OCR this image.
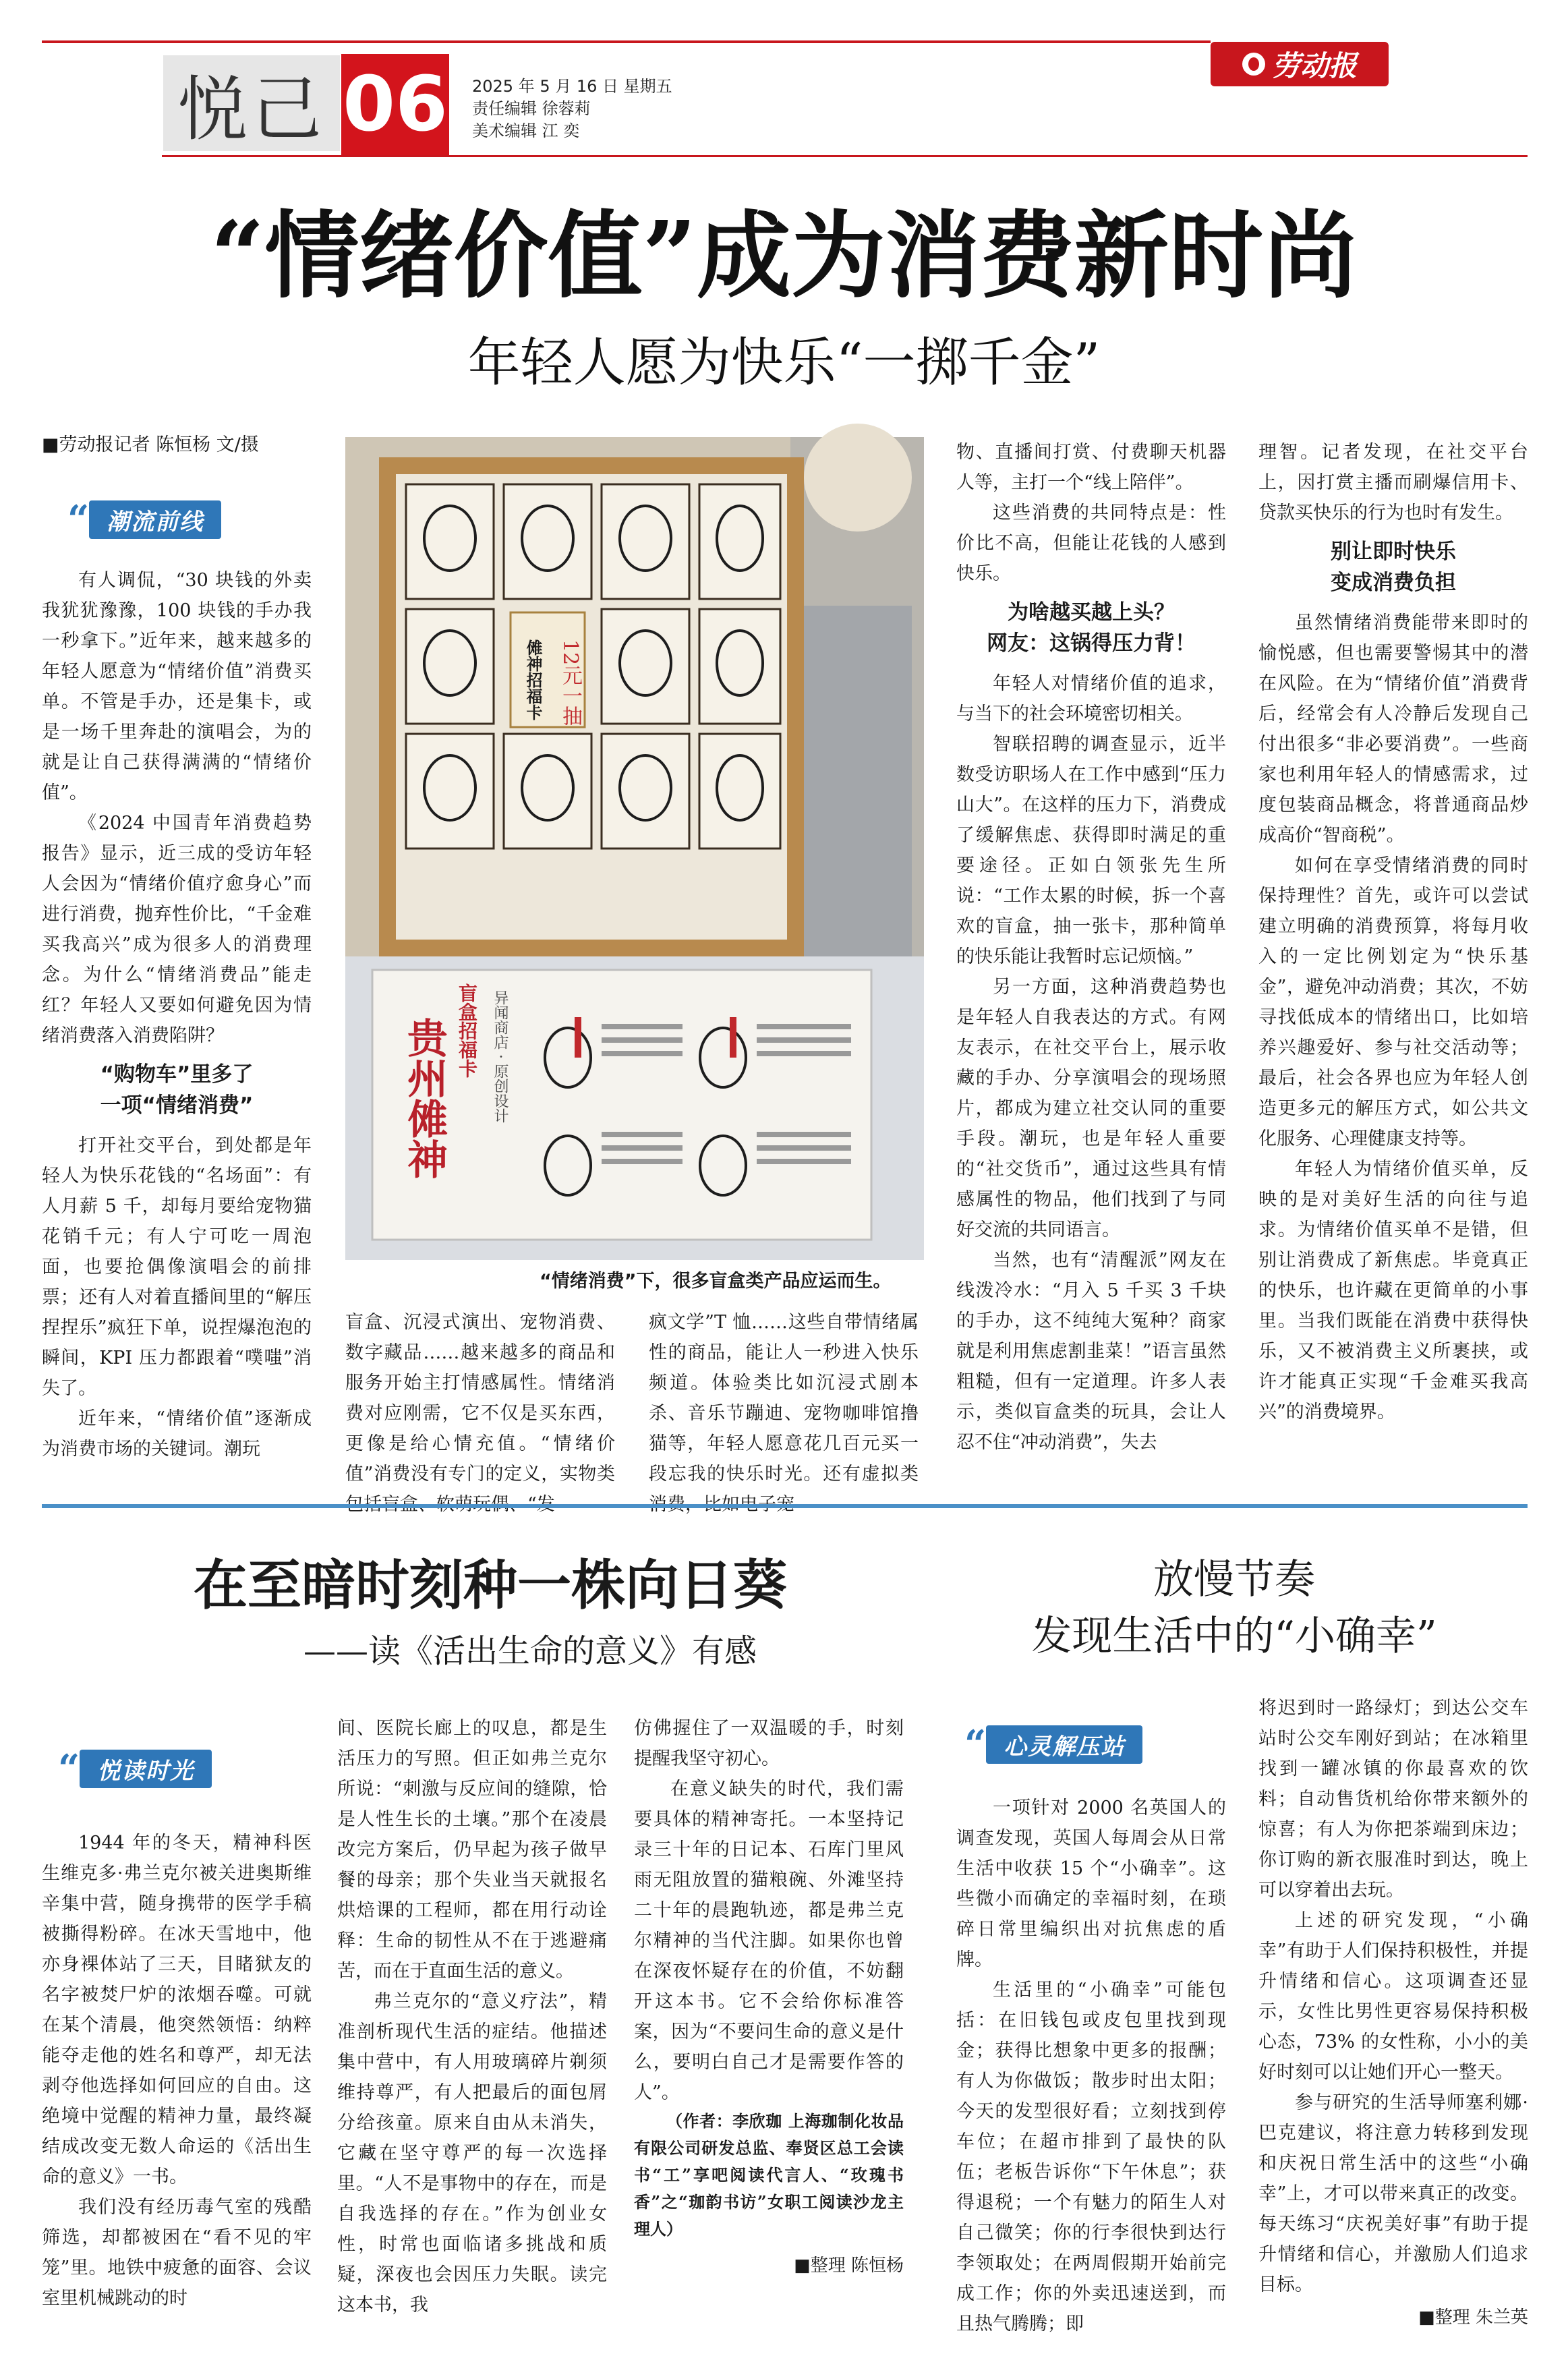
悦己 06 2025 年 5 月 16 日 星期五
责任编辑 徐蓉莉
美术编辑 江 奕
劳动报
“情绪价值”成为消费新时尚
年轻人愿为快乐“一掷千金”
■劳动报记者 陈恒杨 文/摄
“ 潮流前线

有人调侃，“30 块钱的外卖我犹犹豫豫，100 块钱的手办我一秒拿下。”近年来，越来越多的年轻人愿意为“情绪价值”消费买单。不管是手办，还是集卡，或是一场千里奔赴的演唱会，为的就是让自己获得满满的“情绪价值”。

《2024 中国青年消费趋势报告》显示，近三成的受访年轻人会因为“情绪价值疗愈身心”而进行消费，抛弃性价比，“千金难买我高兴”成为很多人的消费理念。为什么“情绪消费品”能走红？年轻人又要如何避免因为情绪消费落入消费陷阱？

“购物车”里多了
一项“情绪消费”

打开社交平台，到处都是年轻人为快乐花钱的“名场面”：有人月薪 5 千，却每月要给宠物猫花销千元；有人宁可吃一周泡面，也要抢偶像演唱会的前排票；还有人对着直播间里的“解压捏捏乐”疯狂下单，说捏爆泡泡的瞬间，KPI 压力都跟着“噗嗤”消失了。

近年来，“情绪价值”逐渐成为消费市场的关键词。潮玩

傩神招福卡 12元一抽
贵州傩神 盲盒招福卡 异闻商店 · 原创设计
“情绪消费”下，很多盲盒类产品应运而生。

盲盒、沉浸式演出、宠物消费、数字藏品……越来越多的商品和服务开始主打情感属性。情绪消费对应刚需，它不仅是买东西，更像是给心情充值。“情绪价值”消费没有专门的定义，实物类

疯文学”T 恤……这些自带情绪属性的商品，能让人一秒进入快乐频道。体验类比如沉浸式剧本杀、音乐节蹦迪、宠物咖啡馆撸猫等，年轻人愿意花几百元买一段忘我的快乐时光。还有虚拟类

物、直播间打赏、付费聊天机器人等，主打一个“线上陪伴”。

这些消费的共同特点是：性价比不高，但能让花钱的人感到快乐。

为啥越买越上头？
网友：这锅得压力背！

年轻人对情绪价值的追求，与当下的社会环境密切相关。

智联招聘的调查显示，近半数受访职场人在工作中感到“压力山大”。在这样的压力下，消费成了缓解焦虑、获得即时满足的重要途径。正如白领张先生所说：“工作太累的时候，拆一个喜欢的盲盒，抽一张卡，那种简单的快乐能让我暂时忘记烦恼。”

另一方面，这种消费趋势也是年轻人自我表达的方式。有网友表示，在社交平台上，展示收藏的手办、分享演唱会的现场照片，都成为建立社交认同的重要手段。潮玩，也是年轻人重要的“社交货币”，通过这些具有情感属性的物品，他们找到了与同好交流的共同语言。

当然，也有“清醒派”网友在线泼冷水：“月入 5 千买 3 千块的手办，这不纯纯大冤种？商家就是利用焦虑割韭菜！”语言虽然粗糙，但有一定道理。许多人表示，类似盲盒类的玩具，会让人忍不住“冲动消费”，失去

理智。记者发现，在社交平台上，因打赏主播而刷爆信用卡、贷款买快乐的行为也时有发生。

别让即时快乐
变成消费负担

虽然情绪消费能带来即时的愉悦感，但也需要警惕其中的潜在风险。在为“情绪价值”消费背后，经常会有人冷静后发现自己付出很多“非必要消费”。一些商家也利用年轻人的情感需求，过度包装商品概念，将普通商品炒成高价“智商税”。

如何在享受情绪消费的同时保持理性？首先，或许可以尝试建立明确的消费预算，将每月收入的一定比例划定为“快乐基金”，避免冲动消费；其次，不妨寻找低成本的情绪出口，比如培养兴趣爱好、参与社交活动等；最后，社会各界也应为年轻人创造更多元的解压方式，如公共文化服务、心理健康支持等。

年轻人为情绪价值买单，反映的是对美好生活的向往与追求。为情绪价值买单不是错，但别让消费成了新焦虑。毕竟真正的快乐，也许藏在更简单的小事里。当我们既能在消费中获得快乐，又不被消费主义所裹挟，或许才能真正实现“千金难买我高兴”的消费境界。

在至暗时刻种一株向日葵
——读《活出生命的意义》有感
“ 悦读时光

1944 年的冬天，精神科医生维克多·弗兰克尔被关进奥斯维辛集中营，随身携带的医学手稿被撕得粉碎。在冰天雪地中，他亦身裸体站了三天，目睹狱友的名字被焚尸炉的浓烟吞噬。可就在某个清晨，他突然领悟：纳粹能夺走他的姓名和尊严，却无法剥夺他选择如何回应的自由。这绝境中觉醒的精神力量，最终凝结成改变无数人命运的《活出生命的意义》一书。

我们没有经历毒气室的残酷筛选，却都被困在“看不见的牢笼”里。地铁中疲惫的面容、会议室里机械跳动的时

间、医院长廊上的叹息，都是生活压力的写照。但正如弗兰克尔所说：“刺激与反应间的缝隙，恰是人性生长的土壤。”那个在凌晨改完方案后，仍早起为孩子做早餐的母亲；那个失业当天就报名烘焙课的工程师，都在用行动诠释：生命的韧性从不在于逃避痛苦，而在于直面生活的意义。

弗兰克尔的“意义疗法”，精准剖析现代生活的症结。他描述集中营中，有人用玻璃碎片剃须维持尊严，有人把最后的面包屑分给孩童。原来自由从未消失，它藏在坚守尊严的每一次选择里。“人不是事物中的存在，而是自我选择的存在。”作为创业女性，时常也面临诸多挑战和质疑，深夜也会因压力失眠。读完这本书，我

仿佛握住了一双温暖的手，时刻提醒我坚守初心。

在意义缺失的时代，我们需要具体的精神寄托。一本坚持记录三十年的日记本、石库门里风雨无阻放置的猫粮碗、外滩坚持二十年的晨跑轨迹，都是弗兰克尔精神的当代注脚。如果你也曾在深夜怀疑存在的价值，不妨翻开这本书。它不会给你标准答案，因为“不要问生命的意义是什么，要明白自己才是需要作答的人”。

（作者：李欣珈 上海珈制化妆品有限公司研发总监、奉贤区总工会读书“工”享吧阅读代言人、“玫瑰书香”之“珈韵书访”女职工阅读沙龙主理人）

■整理 陈恒杨
放慢节奏
发现生活中的“小确幸”
“ 心灵解压站

一项针对 2000 名英国人的调查发现，英国人每周会从日常生活中收获 15 个“小确幸”。这些微小而确定的幸福时刻，在琐碎日常里编织出对抗焦虑的盾牌。

生活里的“小确幸”可能包括：在旧钱包或皮包里找到现金；获得比想象中更多的报酬；有人为你做饭；散步时出太阳；今天的发型很好看；立刻找到停车位；在超市排到了最快的队伍；老板告诉你“下午休息”；获得退税；一个有魅力的陌生人对自己微笑；你的行李很快到达行李领取处；在两周假期开始前完成工作；你的外卖迅速送到，而且热气腾腾；即

将迟到时一路绿灯；到达公交车站时公交车刚好到站；在冰箱里找到一罐冰镇的你最喜欢的饮料；自动售货机给你带来额外的惊喜；有人为你把茶端到床边；你订购的新衣服准时到达，晚上可以穿着出去玩。

上述的研究发现，“小确幸”有助于人们保持积极性，并提升情绪和信心。这项调查还显示，女性比男性更容易保持积极心态，73% 的女性称，小小的美好时刻可以让她们开心一整天。

参与研究的生活导师塞利娜·巴克建议，将注意力转移到发现和庆祝日常生活中的这些“小确幸”上，才可以带来真正的改变。每天练习“庆祝美好事”有助于提升情绪和信心，并激励人们追求目标。

■整理 朱兰英
